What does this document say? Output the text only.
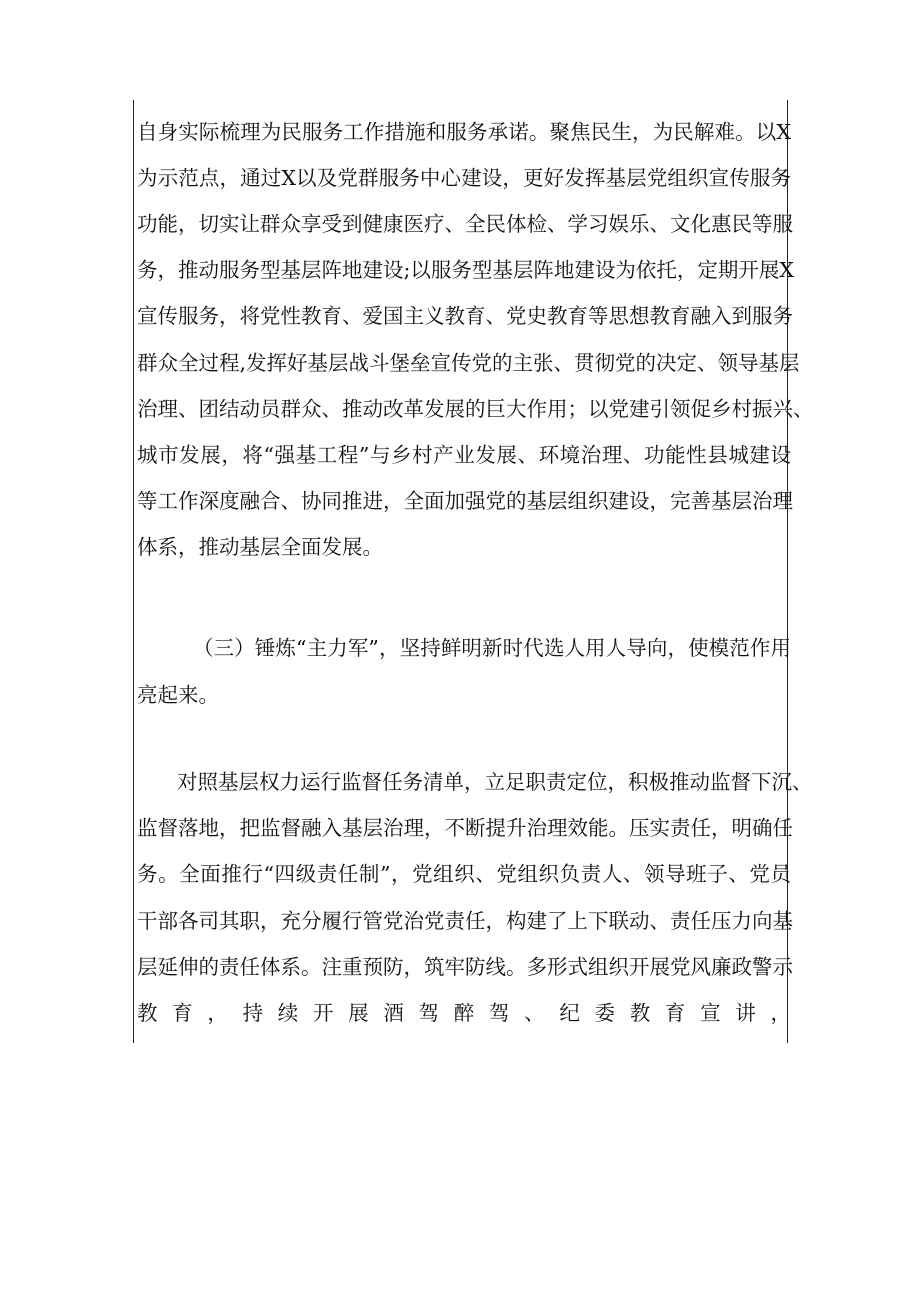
自身实际梳理为民服务工作措施和服务承诺。聚焦民生，为民解难。以X
为示范点，通过X以及党群服务中心建设，更好发挥基层党组织宣传服务
功能，切实让群众享受到健康医疗、全民体检、学习娱乐、文化惠民等服
务，推动服务型基层阵地建设;以服务型基层阵地建设为依托，定期开展X
宣传服务，将党性教育、爱国主义教育、党史教育等思想教育融入到服务
群众全过程,发挥好基层战斗堡垒宣传党的主张、贯彻党的决定、领导基层
治理、团结动员群众、推动改革发展的巨大作用；以党建引领促乡村振兴、
城市发展，将“强基工程”与乡村产业发展、环境治理、功能性县城建设
等工作深度融合、协同推进，全面加强党的基层组织建设，完善基层治理
体系，推动基层全面发展。
（三）锤炼“主力军”，坚持鲜明新时代选人用人导向，使模范作用
亮起来。
对照基层权力运行监督任务清单，立足职责定位，积极推动监督下沉、
监督落地，把监督融入基层治理，不断提升治理效能。压实责任，明确任
务。全面推行“四级责任制”，党组织、党组织负责人、领导班子、党员
干部各司其职，充分履行管党治党责任，构建了上下联动、责任压力向基
层延伸的责任体系。注重预防，筑牢防线。多形式组织开展党风廉政警示
教育，持续开展酒驾醉驾、纪委教育宣讲，
